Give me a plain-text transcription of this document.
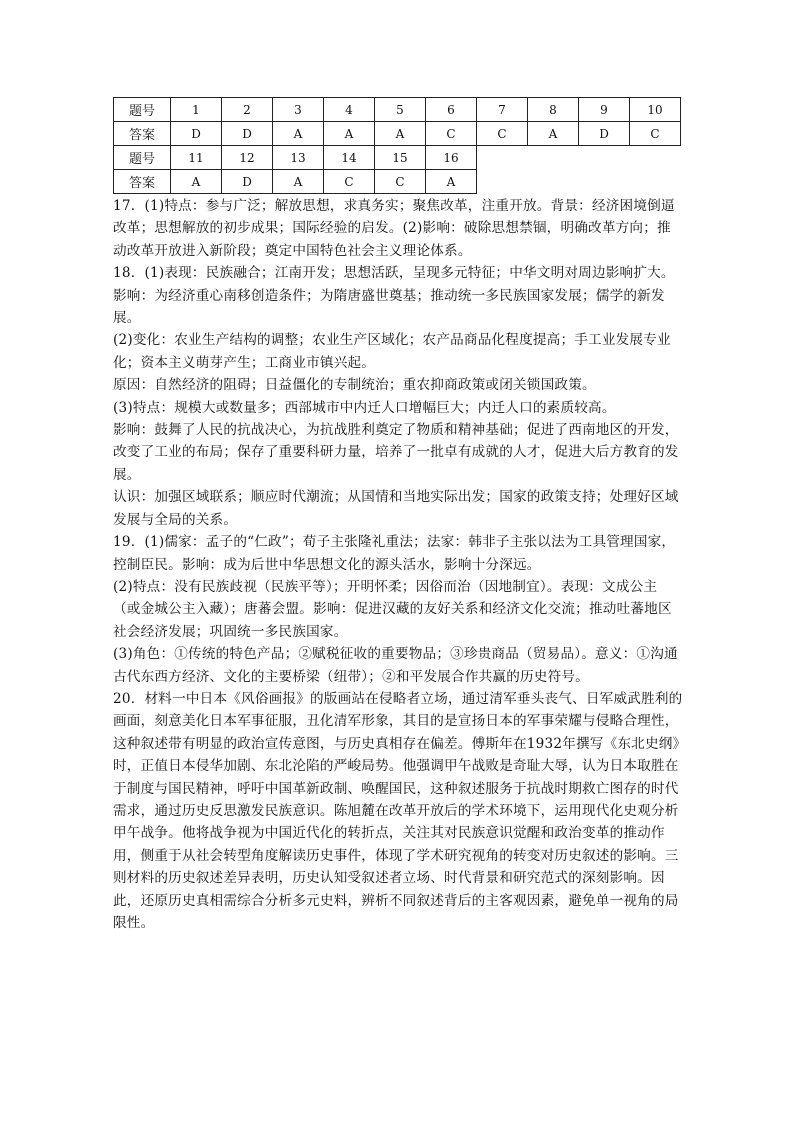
题号	1	2	3	4	5	6	7	8	9	10
答案	D	D	A	A	A	C	C	A	D	C
题号	11	12	13	14	15	16				
答案	A	D	A	C	C	A				

17．(1)特点：参与广泛；解放思想，求真务实；聚焦改革，注重开放。背景：经济困境倒逼改革；思想解放的初步成果；国际经验的启发。(2)影响：破除思想禁锢，明确改革方向；推动改革开放进入新阶段；奠定中国特色社会主义理论体系。

18．(1)表现：民族融合；江南开发；思想活跃，呈现多元特征；中华文明对周边影响扩大。影响：为经济重心南移创造条件；为隋唐盛世奠基；推动统一多民族国家发展；儒学的新发展。

(2)变化：农业生产结构的调整；农业生产区域化；农产品商品化程度提高；手工业发展专业化；资本主义萌芽产生；工商业市镇兴起。

原因：自然经济的阻碍；日益僵化的专制统治；重农抑商政策或闭关锁国政策。

(3)特点：规模大或数量多；西部城市中内迁人口增幅巨大；内迁人口的素质较高。

影响：鼓舞了人民的抗战决心，为抗战胜利奠定了物质和精神基础；促进了西南地区的开发，改变了工业的布局；保存了重要科研力量，培养了一批卓有成就的人才，促进大后方教育的发展。

认识：加强区域联系；顺应时代潮流；从国情和当地实际出发；国家的政策支持；处理好区域发展与全局的关系。

19．(1)儒家：孟子的“仁政”；荀子主张隆礼重法；法家：韩非子主张以法为工具管理国家，控制臣民。影响：成为后世中华思想文化的源头活水，影响十分深远。

(2)特点：没有民族歧视（民族平等）；开明怀柔；因俗而治（因地制宜）。表现：文成公主（或金城公主入藏）；唐蕃会盟。影响：促进汉藏的友好关系和经济文化交流；推动吐蕃地区社会经济发展；巩固统一多民族国家。

(3)角色：①传统的特色产品；②赋税征收的重要物品；③珍贵商品（贸易品）。意义：①沟通古代东西方经济、文化的主要桥梁（纽带）；②和平发展合作共赢的历史符号。

20．材料一中日本《风俗画报》的版画站在侵略者立场，通过清军垂头丧气、日军威武胜利的画面，刻意美化日本军事征服，丑化清军形象，其目的是宣扬日本的军事荣耀与侵略合理性，这种叙述带有明显的政治宣传意图，与历史真相存在偏差。傅斯年在1932年撰写《东北史纲》时，正值日本侵华加剧、东北沦陷的严峻局势。他强调甲午战败是奇耻大辱，认为日本取胜在于制度与国民精神，呼吁中国革新政制、唤醒国民，这种叙述服务于抗战时期救亡图存的时代需求，通过历史反思激发民族意识。陈旭麓在改革开放后的学术环境下，运用现代化史观分析甲午战争。他将战争视为中国近代化的转折点，关注其对民族意识觉醒和政治变革的推动作用，侧重于从社会转型角度解读历史事件，体现了学术研究视角的转变对历史叙述的影响。三则材料的历史叙述差异表明，历史认知受叙述者立场、时代背景和研究范式的深刻影响。因此，还原历史真相需综合分析多元史料，辨析不同叙述背后的主客观因素，避免单一视角的局限性。
